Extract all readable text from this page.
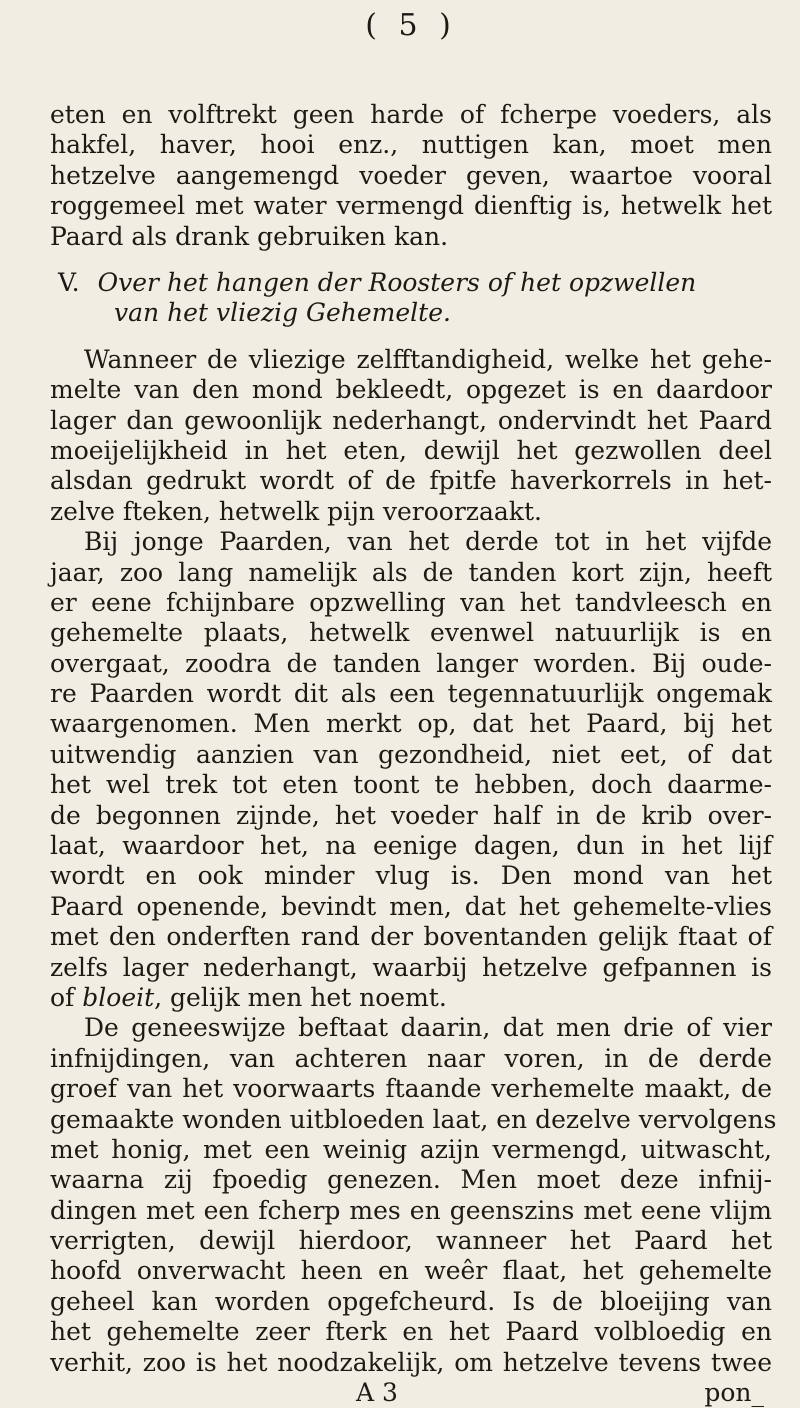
( 5 )
eten en volftrekt geen harde of fcherpe voeders, als
hakfel, haver, hooi enz., nuttigen kan, moet men
hetzelve aangemengd voeder geven, waartoe vooral
roggemeel met water vermengd dienftig is, hetwelk het
Paard als drank gebruiken kan.
V. Over het hangen der Roosters of het opzwellen
van het vliezig Gehemelte.
Wanneer de vliezige zelfftandigheid, welke het gehe-
melte van den mond bekleedt, opgezet is en daardoor
lager dan gewoonlijk nederhangt, ondervindt het Paard
moeijelijkheid in het eten, dewijl het gezwollen deel
alsdan gedrukt wordt of de fpitfe haverkorrels in het-
zelve fteken, hetwelk pijn veroorzaakt.
Bij jonge Paarden, van het derde tot in het vijfde
jaar, zoo lang namelijk als de tanden kort zijn, heeft
er eene fchijnbare opzwelling van het tandvleesch en
gehemelte plaats, hetwelk evenwel natuurlijk is en
overgaat, zoodra de tanden langer worden. Bij oude-
re Paarden wordt dit als een tegennatuurlijk ongemak
waargenomen. Men merkt op, dat het Paard, bij het
uitwendig aanzien van gezondheid, niet eet, of dat
het wel trek tot eten toont te hebben, doch daarme-
de begonnen zijnde, het voeder half in de krib over-
laat, waardoor het, na eenige dagen, dun in het lijf
wordt en ook minder vlug is. Den mond van het
Paard openende, bevindt men, dat het gehemelte-vlies
met den onderften rand der boventanden gelijk ftaat of
zelfs lager nederhangt, waarbij hetzelve gefpannen is
of bloeit, gelijk men het noemt.
De geneeswijze beftaat daarin, dat men drie of vier
infnijdingen, van achteren naar voren, in de derde
groef van het voorwaarts ftaande verhemelte maakt, de
gemaakte wonden uitbloeden laat, en dezelve vervolgens
met honig, met een weinig azijn vermengd, uitwascht,
waarna zij fpoedig genezen. Men moet deze infnij-
dingen met een fcherp mes en geenszins met eene vlijm
verrigten, dewijl hierdoor, wanneer het Paard het
hoofd onverwacht heen en weêr flaat, het gehemelte
geheel kan worden opgefcheurd. Is de bloeijing van
het gehemelte zeer fterk en het Paard volbloedig en
verhit, zoo is het noodzakelijk, om hetzelve tevens twee
A 3	pon_
